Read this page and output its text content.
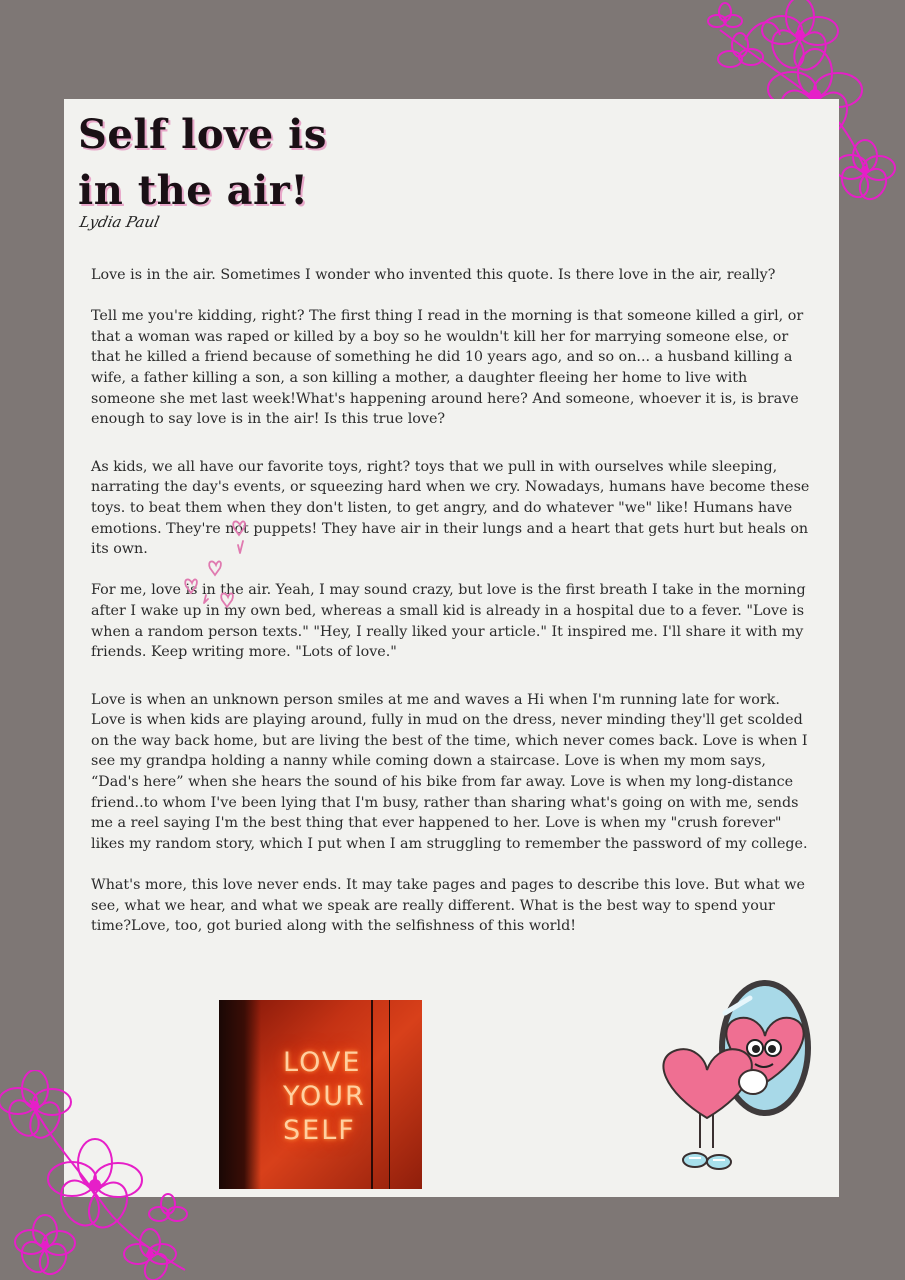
Self love is
in the air!
Lydia Paul

Love is in the air. Sometimes I wonder who invented this quote. Is there love in the air, really?

Tell me you're kidding, right? The first thing I read in the morning is that someone killed a girl, or that a woman was raped or killed by a boy so he wouldn't kill her for marrying someone else, or that he killed a friend because of something he did 10 years ago, and so on... a husband killing a wife, a father killing a son, a son killing a mother, a daughter fleeing her home to live with someone she met last week!What's happening around here? And someone, whoever it is, is brave enough to say love is in the air! Is this true love?

As kids, we all have our favorite toys, right? toys that we pull in with ourselves while sleeping, narrating the day's events, or squeezing hard when we cry. Nowadays, humans have become these toys. to beat them when they don't listen, to get angry, and do whatever "we" like! Humans have emotions. They're not puppets! They have air in their lungs and a heart that gets hurt but heals on its own.

For me, love is in the air. Yeah, I may sound crazy, but love is the first breath I take in the morning after I wake up in my own bed, whereas a small kid is already in a hospital due to a fever. "Love is when a random person texts." "Hey, I really liked your article." It inspired me. I'll share it with my friends. Keep writing more. "Lots of love."

Love is when an unknown person smiles at me and waves a Hi when I'm running late for work. Love is when kids are playing around, fully in mud on the dress, never minding they'll get scolded on the way back home, but are living the best of the time, which never comes back. Love is when I see my grandpa holding a nanny while coming down a staircase. Love is when my mom says, “Dad's here” when she hears the sound of his bike from far away. Love is when my long-distance friend..to whom I've been lying that I'm busy, rather than sharing what's going on with me, sends me a reel saying I'm the best thing that ever happened to her. Love is when my "crush forever" likes my random story, which I put when I am struggling to remember the password of my college.

What's more, this love never ends. It may take pages and pages to describe this love. But what we see, what we hear, and what we speak are really different. What is the best way to spend your time?Love, too, got buried along with the selfishness of this world!

LOVE
YOUR
SELF
